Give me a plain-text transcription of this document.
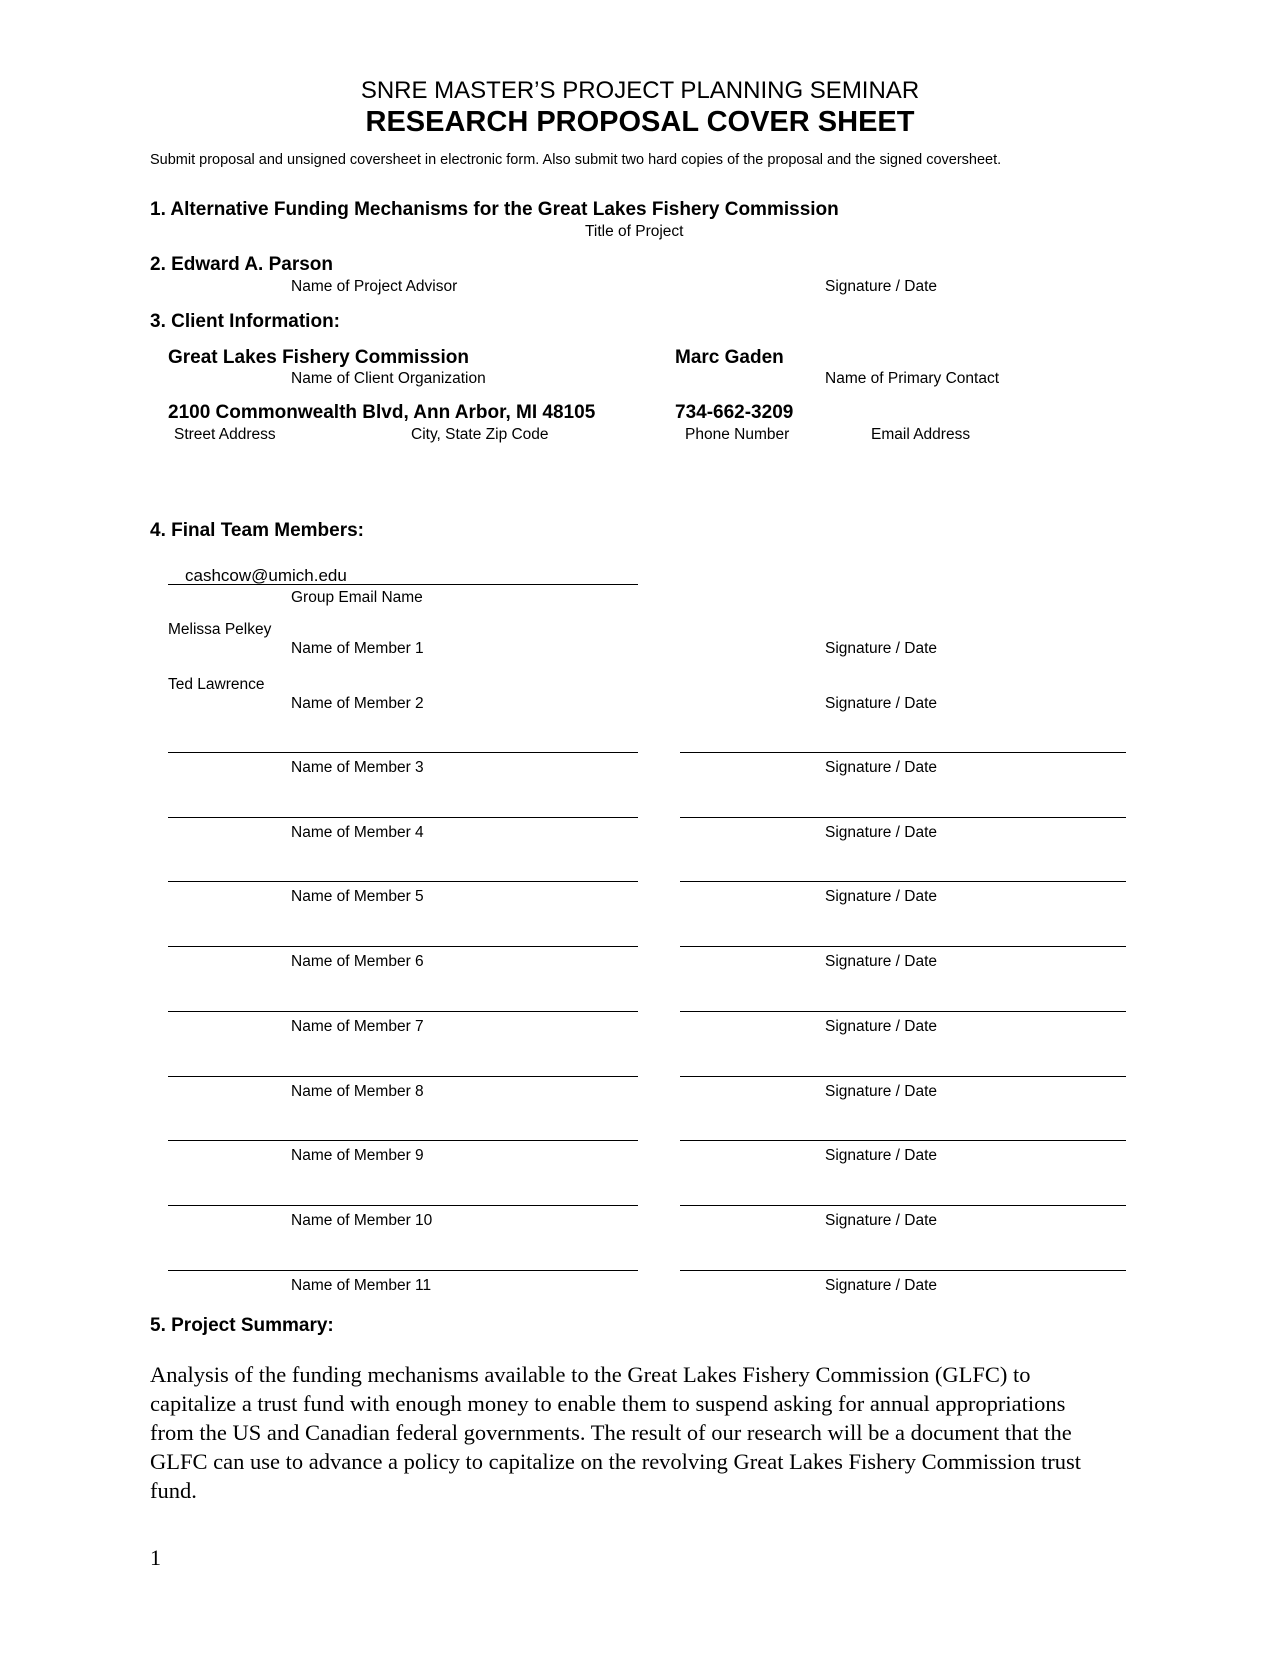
SNRE MASTER’S PROJECT PLANNING SEMINAR
RESEARCH PROPOSAL COVER SHEET
Submit proposal and unsigned coversheet in electronic form. Also submit two hard copies of the proposal and the signed coversheet.
1. Alternative Funding Mechanisms for the Great Lakes Fishery Commission
Title of Project
2. Edward A. Parson
Name of Project Advisor	Signature / Date
3. Client Information:
Great Lakes Fishery Commission	Marc Gaden
Name of Client Organization	Name of Primary Contact
2100 Commonwealth Blvd, Ann Arbor, MI 48105	734-662-3209
Street Address	City, State Zip Code	Phone Number	Email Address
4. Final Team Members:
cashcow@umich.edu
Group Email Name
Melissa Pelkey
Name of Member 1	Signature / Date
Ted Lawrence
Name of Member 2	Signature / Date
Name of Member 3	Signature / Date
Name of Member 4	Signature / Date
Name of Member 5	Signature / Date
Name of Member 6	Signature / Date
Name of Member 7	Signature / Date
Name of Member 8	Signature / Date
Name of Member 9	Signature / Date
Name of Member 10	Signature / Date
Name of Member 11	Signature / Date
5. Project Summary:
Analysis of the funding mechanisms available to the Great Lakes Fishery Commission (GLFC) to capitalize a trust fund with enough money to enable them to suspend asking for annual appropriations from the US and Canadian federal governments. The result of our research will be a document that the GLFC can use to advance a policy to capitalize on the revolving Great Lakes Fishery Commission trust fund.
1
